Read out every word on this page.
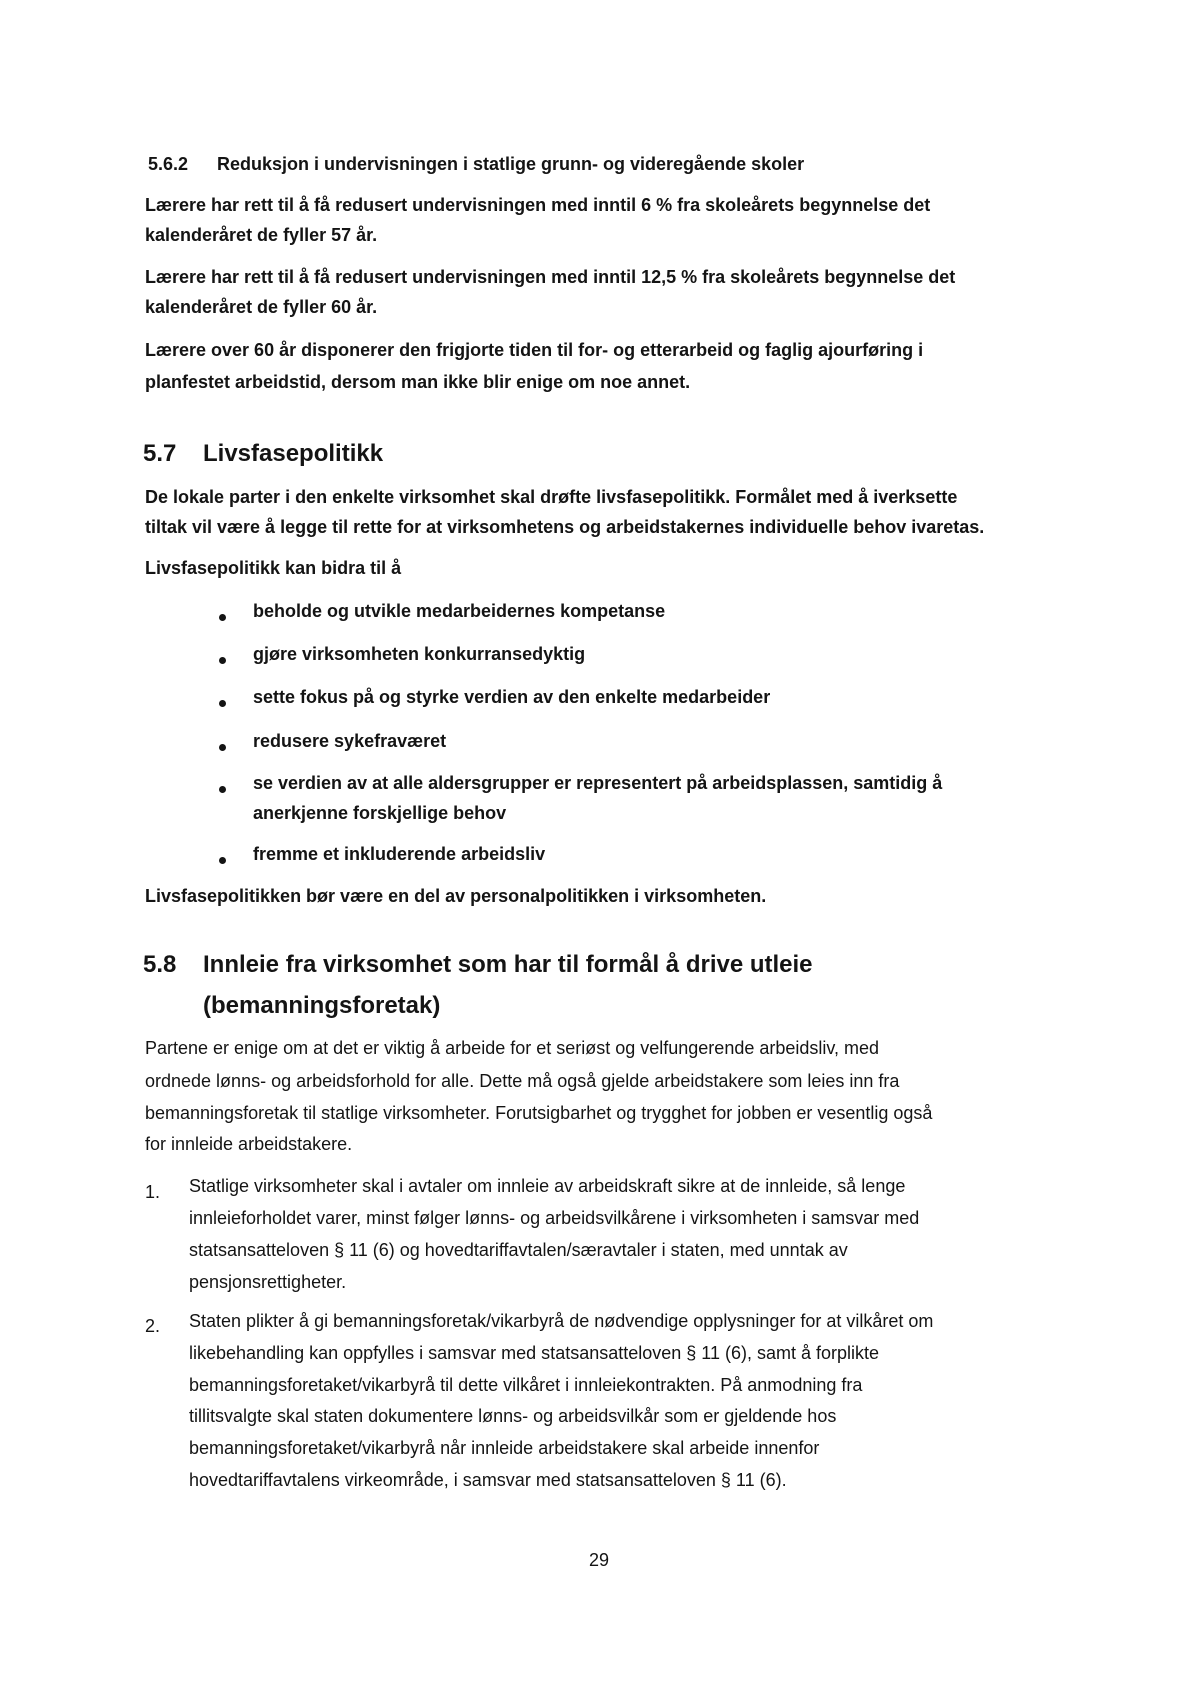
5.6.2 Reduksjon i undervisningen i statlige grunn- og videregående skoler
Lærere har rett til å få redusert undervisningen med inntil 6 % fra skoleårets begynnelse det
kalenderåret de fyller 57 år.
Lærere har rett til å få redusert undervisningen med inntil 12,5 % fra skoleårets begynnelse det
kalenderåret de fyller 60 år.
Lærere over 60 år disponerer den frigjorte tiden til for- og etterarbeid og faglig ajourføring i
planfestet arbeidstid, dersom man ikke blir enige om noe annet.
5.7 Livsfasepolitikk
De lokale parter i den enkelte virksomhet skal drøfte livsfasepolitikk. Formålet med å iverksette
tiltak vil være å legge til rette for at virksomhetens og arbeidstakernes individuelle behov ivaretas.
Livsfasepolitikk kan bidra til å
beholde og utvikle medarbeidernes kompetanse
gjøre virksomheten konkurransedyktig
sette fokus på og styrke verdien av den enkelte medarbeider
redusere sykefraværet
se verdien av at alle aldersgrupper er representert på arbeidsplassen, samtidig å
anerkjenne forskjellige behov
fremme et inkluderende arbeidsliv
Livsfasepolitikken bør være en del av personalpolitikken i virksomheten.
5.8 Innleie fra virksomhet som har til formål å drive utleie
(bemanningsforetak)
Partene er enige om at det er viktig å arbeide for et seriøst og velfungerende arbeidsliv, med
ordnede lønns- og arbeidsforhold for alle. Dette må også gjelde arbeidstakere som leies inn fra
bemanningsforetak til statlige virksomheter. Forutsigbarhet og trygghet for jobben er vesentlig også
for innleide arbeidstakere.
1. Statlige virksomheter skal i avtaler om innleie av arbeidskraft sikre at de innleide, så lenge
innleieforholdet varer, minst følger lønns- og arbeidsvilkårene i virksomheten i samsvar med
statsansatteloven § 11 (6) og hovedtariffavtalen/særavtaler i staten, med unntak av
pensjonsrettigheter.
2. Staten plikter å gi bemanningsforetak/vikarbyrå de nødvendige opplysninger for at vilkåret om
likebehandling kan oppfylles i samsvar med statsansatteloven § 11 (6), samt å forplikte
bemanningsforetaket/vikarbyrå til dette vilkåret i innleiekontrakten. På anmodning fra
tillitsvalgte skal staten dokumentere lønns- og arbeidsvilkår som er gjeldende hos
bemanningsforetaket/vikarbyrå når innleide arbeidstakere skal arbeide innenfor
hovedtariffavtalens virkeområde, i samsvar med statsansatteloven § 11 (6).
29
